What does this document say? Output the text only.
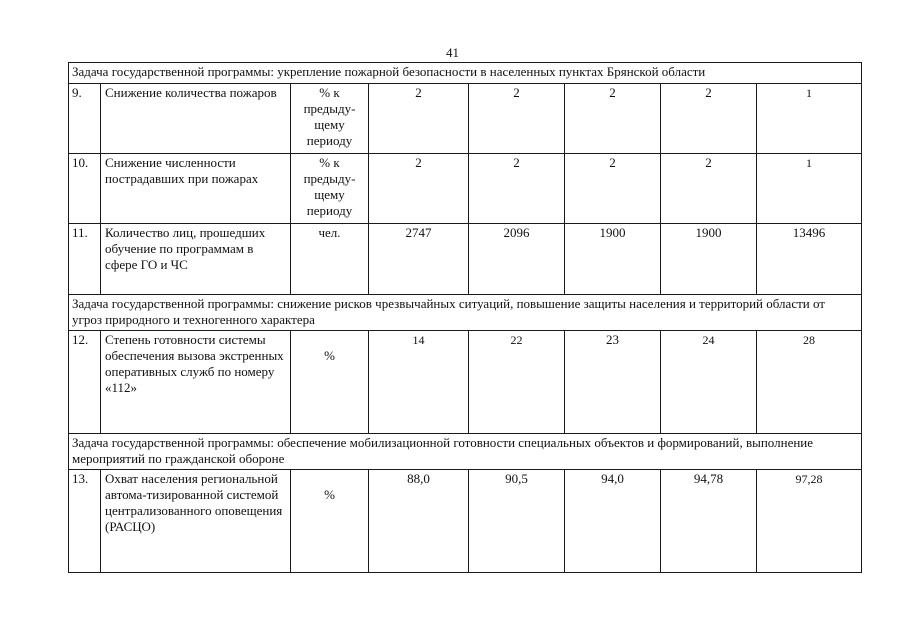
41
Задача государственной программы: укрепление пожарной безопасности в населенных пунктах Брянской области							
9.	Снижение количества пожаров	% к предыду-щему периоду	2	2	2	2	1
10.	Снижение численности пострадавших при пожарах	% к предыду-щему периоду	2	2	2	2	1
11.	Количество лиц, прошедших обучение по программам в сфере ГО и ЧС	чел.	2747	2096	1900	1900	13496
Задача государственной программы: снижение рисков чрезвычайных ситуаций, повышение защиты населения и территорий области от угроз природного и техногенного характера							
12.	Степень готовности системы обеспечения вызова экстренных оперативных служб по номеру «112»	%	14	22	23	24	28
Задача государственной программы: обеспечение мобилизационной готовности специальных объектов и формирований, выполнение мероприятий по гражданской обороне							
13.	Охват населения региональной автома-тизированной системой централизованного оповещения (РАСЦО)	%	88,0	90,5	94,0	94,78	97,28
